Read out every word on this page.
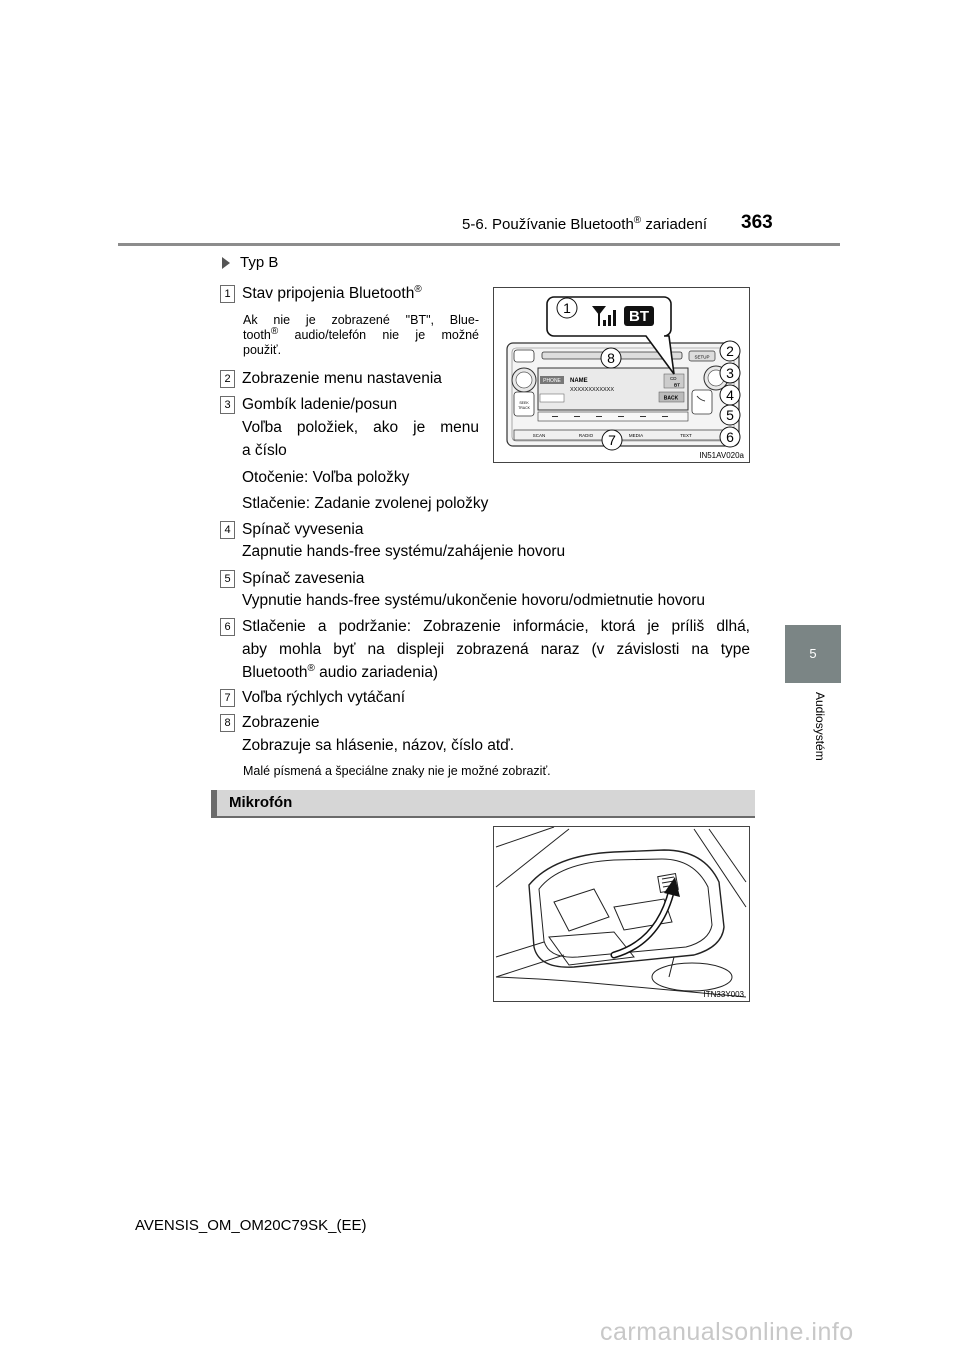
5-6. Používanie Bluetooth® zariadení 363
5
Audiosystém
Typ B
1 Stav pripojenia Bluetooth®
Ak nie je zobrazené "BT", Blue-
tooth® audio/telefón nie je možné
použiť.
2 Zobrazenie menu nastavenia
3 Gombík ladenie/posun
Voľba položiek, ako je menu
a číslo
Otočenie: Voľba položky
Stlačenie: Zadanie zvolenej položky
4 Spínač vyvesenia
Zapnutie hands-free systému/zahájenie hovoru
5 Spínač zavesenia
Vypnutie hands-free systému/ukončenie hovoru/odmietnutie hovoru
6 Stlačenie a podržanie: Zobrazenie informácie, ktorá je príliš dlhá,
aby mohla byť na displeji zobrazená naraz (v závislosti na type
Bluetooth® audio zariadenia)
7 Voľba rýchlych vytáčaní
8 Zobrazenie
Zobrazuje sa hlásenie, názov, číslo atď.
Malé písmená a špeciálne znaky nie je možné zobraziť.
SETUP
SEEK
TRACK
PHONE NAME
XXXXXXXXXXXX
CD
BT
BACK
SCAN	RADIO	MEDIA	TEXT
BT
1
2
3
4
5
6
7
8
IN51AV020a
Mikrofón
ITN33Y003
AVENSIS_OM_OM20C79SK_(EE)
carmanualsonline.info
